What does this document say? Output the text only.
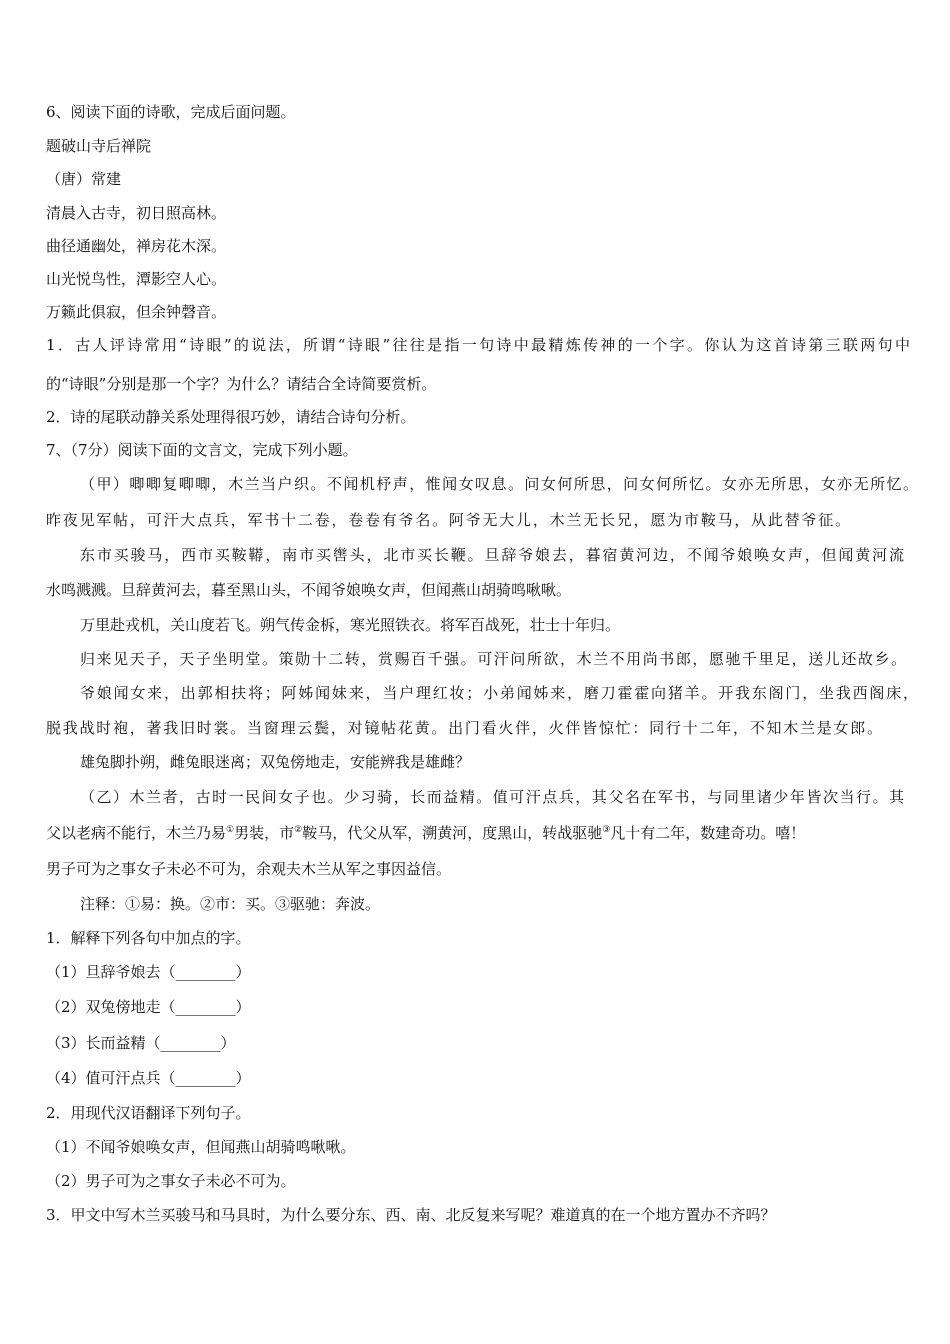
6、阅读下面的诗歌，完成后面问题。
题破山寺后禅院
（唐）常建
清晨入古寺，初日照高林。
曲径通幽处，禅房花木深。
山光悦鸟性，潭影空人心。
万籁此俱寂，但余钟磬音。
1．古人评诗常用“诗眼”的说法，所谓“诗眼”往往是指一句诗中最精炼传神的一个字。你认为这首诗第三联两句中
的“诗眼”分别是那一个字？为什么？请结合全诗简要赏析。
2．诗的尾联动静关系处理得很巧妙，请结合诗句分析。
7、（7分）阅读下面的文言文，完成下列小题。
（甲）唧唧复唧唧，木兰当户织。不闻机杼声，惟闻女叹息。问女何所思，问女何所忆。女亦无所思，女亦无所忆。
昨夜见军帖，可汗大点兵，军书十二卷，卷卷有爷名。阿爷无大儿，木兰无长兄，愿为市鞍马，从此替爷征。
东市买骏马，西市买鞍鞯，南市买辔头，北市买长鞭。旦辞爷娘去，暮宿黄河边，不闻爷娘唤女声，但闻黄河流
水鸣溅溅。旦辞黄河去，暮至黑山头，不闻爷娘唤女声，但闻燕山胡骑鸣啾啾。
万里赴戎机，关山度若飞。朔气传金柝，寒光照铁衣。将军百战死，壮士十年归。
归来见天子，天子坐明堂。策勋十二转，赏赐百千强。可汗问所欲，木兰不用尚书郎，愿驰千里足，送儿还故乡。
爷娘闻女来，出郭相扶将；阿姊闻妹来，当户理红妆；小弟闻姊来，磨刀霍霍向猪羊。开我东阁门，坐我西阁床，
脱我战时袍，著我旧时裳。当窗理云鬓，对镜帖花黄。出门看火伴，火伴皆惊忙：同行十二年，不知木兰是女郎。
雄兔脚扑朔，雌兔眼迷离；双兔傍地走，安能辨我是雄雌？
（乙）木兰者，古时一民间女子也。少习骑，长而益精。值可汗点兵，其父名在军书，与同里诸少年皆次当行。其
父以老病不能行，木兰乃易①男装，市②鞍马，代父从军，溯黄河，度黑山，转战驱驰③凡十有二年，数建奇功。嘻！
男子可为之事女子未必不可为，余观夫木兰从军之事因益信。
注释：①易：换。②市：买。③驱驰：奔波。
1．解释下列各句中加点的字。
（1）旦辞爷娘去（________）
（2）双兔傍地走（________）
（3）长而益精（________）
（4）值可汗点兵（________）
2．用现代汉语翻译下列句子。
（1）不闻爷娘唤女声，但闻燕山胡骑鸣啾啾。
（2）男子可为之事女子未必不可为。
3．甲文中写木兰买骏马和马具时，为什么要分东、西、南、北反复来写呢？难道真的在一个地方置办不齐吗？
